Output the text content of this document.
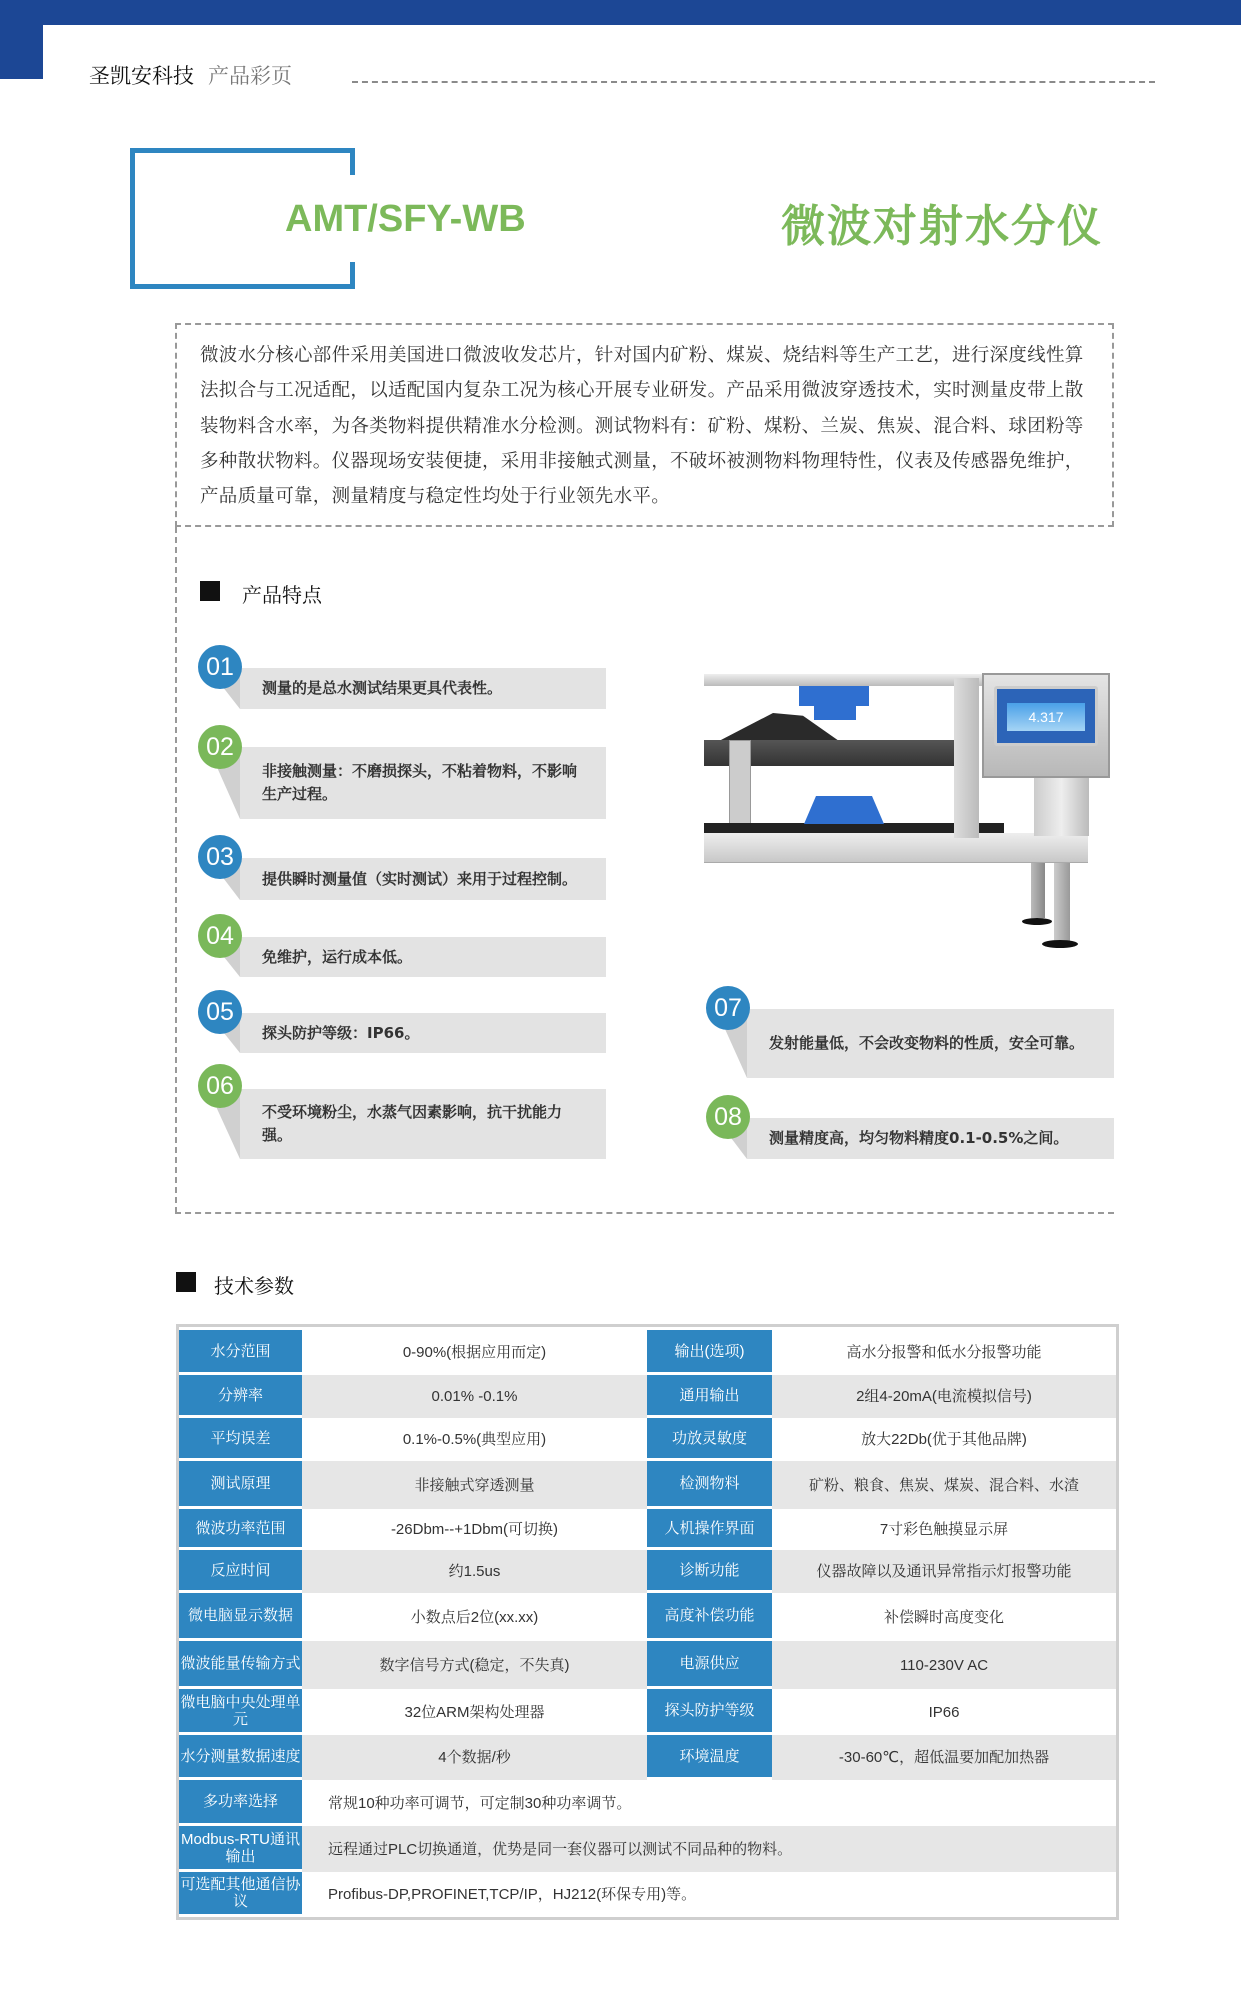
圣凯安科技 产品彩页
AMT/SFY-WB	微波对射水分仪
微波水分核心部件采用美国进口微波收发芯片，针对国内矿粉、煤炭、烧结料等生产工艺，进行深度线性算法拟合与工况适配，以适配国内复杂工况为核心开展专业研发。产品采用微波穿透技术，实时测量皮带上散装物料含水率，为各类物料提供精准水分检测。测试物料有：矿粉、煤粉、兰炭、焦炭、混合料、球团粉等多种散状物料。仪器现场安装便捷，采用非接触式测量，不破坏被测物料物理特性，仪表及传感器免维护，产品质量可靠，测量精度与稳定性均处于行业领先水平。
产品特点
测量的是总水测试结果更具代表性。
01
非接触测量：不磨损探头，不粘着物料，不影响生产过程。
02
提供瞬时测量值（实时测试）来用于过程控制。
03
免维护，运行成本低。
04
探头防护等级：IP66。
05
不受环境粉尘，水蒸气因素影响，抗干扰能力强。
06
发射能量低，不会改变物料的性质，安全可靠。
07
测量精度高，均匀物料精度0.1-0.5%之间。
08
4.317
技术参数
水分范围	0-90%(根据应用而定)	输出(选项)	高水分报警和低水分报警功能
分辨率	0.01% -0.1%	通用输出	2组4-20mA(电流模拟信号)
平均误差	0.1%-0.5%(典型应用)	功放灵敏度	放大22Db(优于其他品牌)
测试原理	非接触式穿透测量	检测物料	矿粉、粮食、焦炭、煤炭、混合料、水渣
微波功率范围	-26Dbm--+1Dbm(可切换)	人机操作界面	7寸彩色触摸显示屏
反应时间	约1.5us	诊断功能	仪器故障以及通讯异常指示灯报警功能
微电脑显示数据	小数点后2位(xx.xx)	高度补偿功能	补偿瞬时高度变化
微波能量传输方式	数字信号方式(稳定，不失真)	电源供应	110-230V AC
微电脑中央处理单元	32位ARM架构处理器	探头防护等级	IP66
水分测量数据速度	4个数据/秒	环境温度	-30-60℃，超低温要加配加热器
多功率选择	常规10种功率可调节，可定制30种功率调节。
Modbus-RTU通讯输出	远程通过PLC切换通道，优势是同一套仪器可以测试不同品种的物料。
可选配其他通信协议	Profibus-DP,PROFINET,TCP/IP，HJ212(环保专用)等。
